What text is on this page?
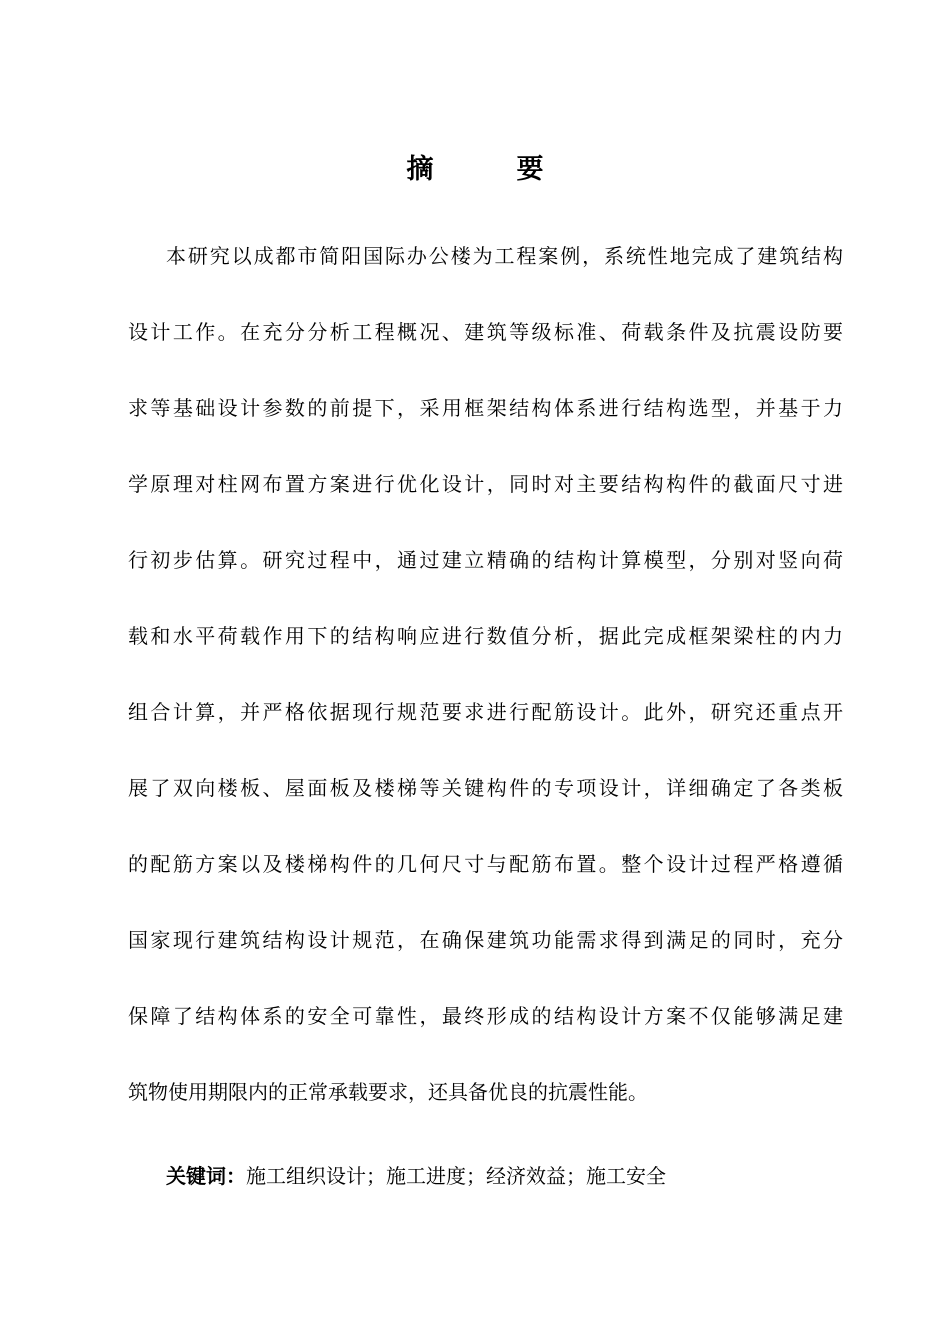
摘　要
本研究以成都市简阳国际办公楼为工程案例，系统性地完成了建筑结构
设计工作。在充分分析工程概况、建筑等级标准、荷载条件及抗震设防要
求等基础设计参数的前提下，采用框架结构体系进行结构选型，并基于力
学原理对柱网布置方案进行优化设计，同时对主要结构构件的截面尺寸进
行初步估算。研究过程中，通过建立精确的结构计算模型，分别对竖向荷
载和水平荷载作用下的结构响应进行数值分析，据此完成框架梁柱的内力
组合计算，并严格依据现行规范要求进行配筋设计。此外，研究还重点开
展了双向楼板、屋面板及楼梯等关键构件的专项设计，详细确定了各类板
的配筋方案以及楼梯构件的几何尺寸与配筋布置。整个设计过程严格遵循
国家现行建筑结构设计规范，在确保建筑功能需求得到满足的同时，充分
保障了结构体系的安全可靠性，最终形成的结构设计方案不仅能够满足建
筑物使用期限内的正常承载要求，还具备优良的抗震性能。
关键词：施工组织设计；施工进度；经济效益；施工安全
